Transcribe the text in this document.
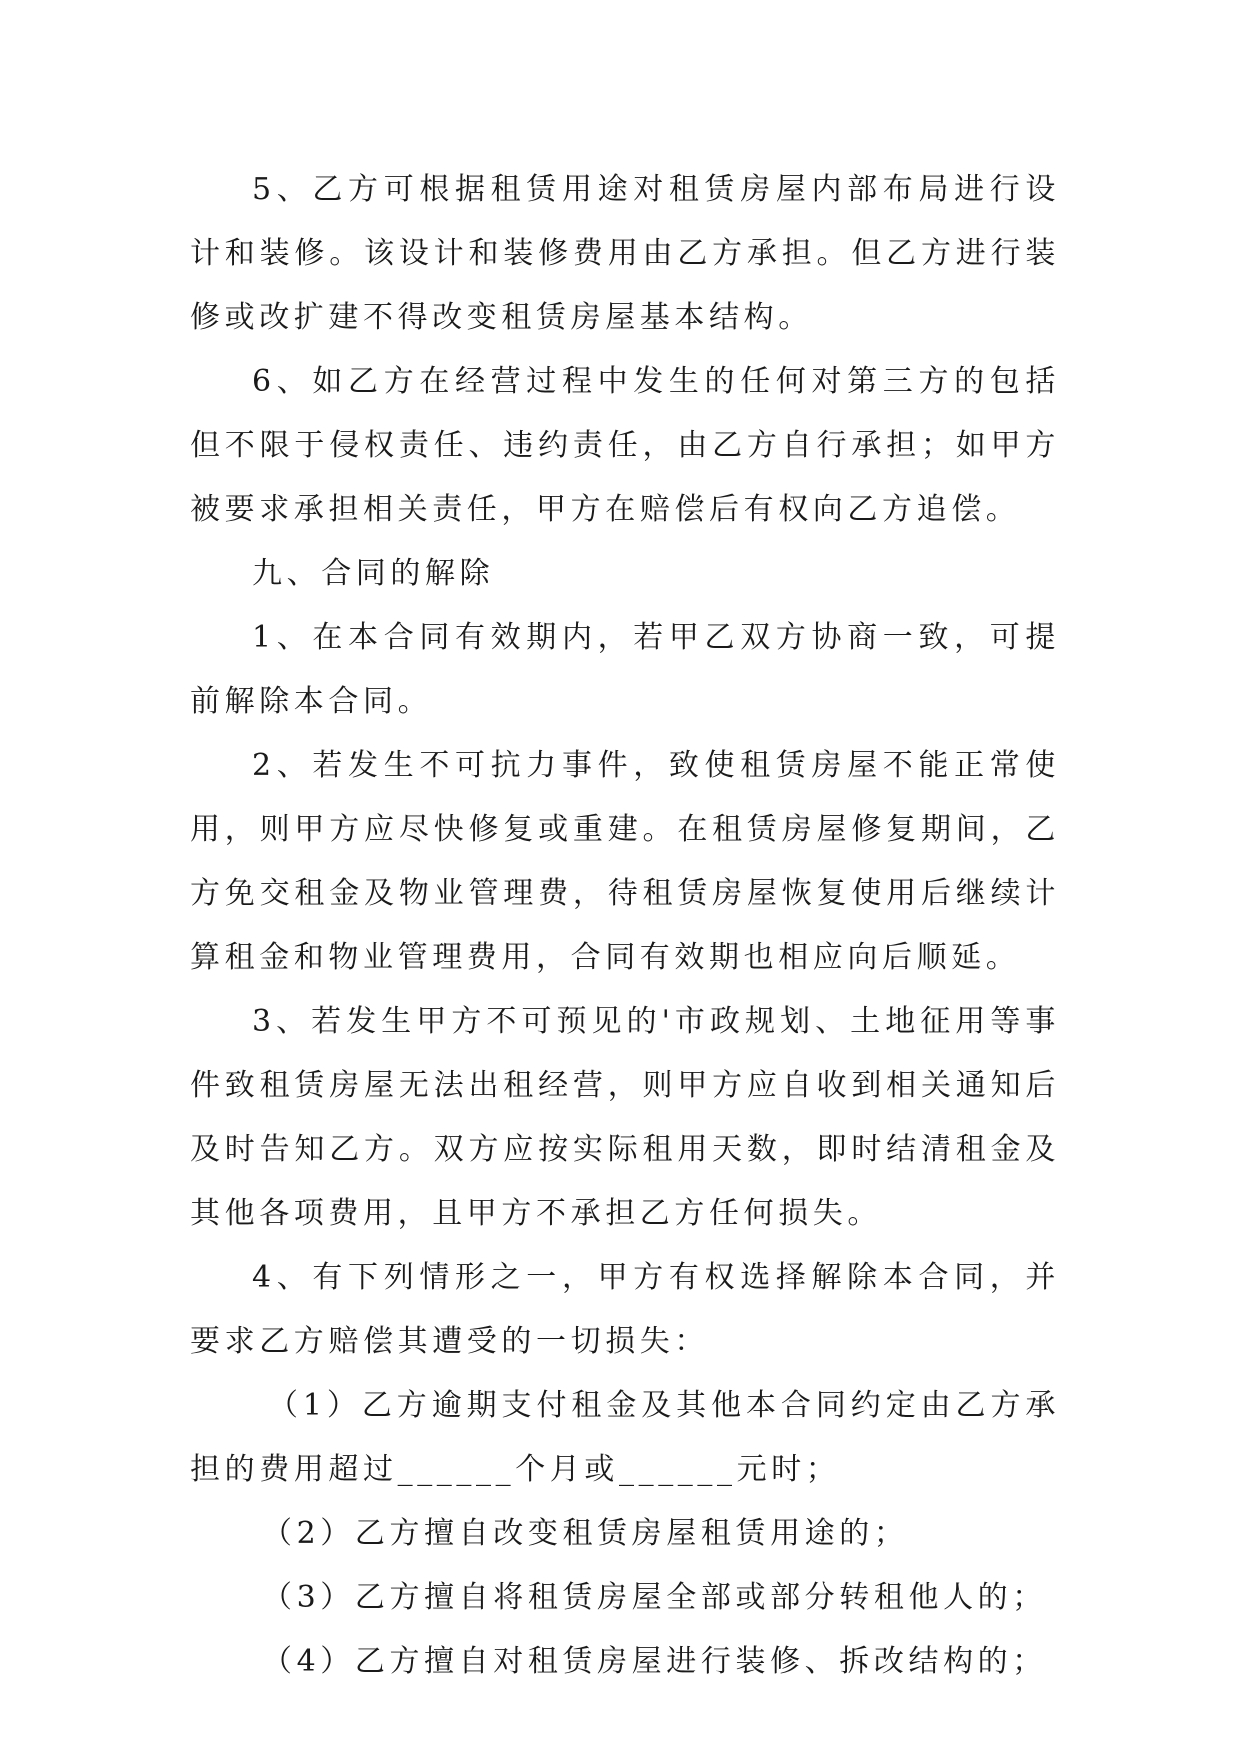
5、乙方可根据租赁用途对租赁房屋内部布局进行设计和装修。该设计和装修费用由乙方承担。但乙方进行装修或改扩建不得改变租赁房屋基本结构。

6、如乙方在经营过程中发生的任何对第三方的包括但不限于侵权责任、违约责任，由乙方自行承担；如甲方被要求承担相关责任，甲方在赔偿后有权向乙方追偿。

九、合同的解除

1、在本合同有效期内，若甲乙双方协商一致，可提前解除本合同。

2、若发生不可抗力事件，致使租赁房屋不能正常使用，则甲方应尽快修复或重建。在租赁房屋修复期间，乙方免交租金及物业管理费，待租赁房屋恢复使用后继续计算租金和物业管理费用，合同有效期也相应向后顺延。

3、若发生甲方不可预见的'市政规划、土地征用等事件致租赁房屋无法出租经营，则甲方应自收到相关通知后及时告知乙方。双方应按实际租用天数，即时结清租金及其他各项费用，且甲方不承担乙方任何损失。

4、有下列情形之一，甲方有权选择解除本合同，并要求乙方赔偿其遭受的一切损失：

（1）乙方逾期支付租金及其他本合同约定由乙方承担的费用超过______个月或______元时；

（2）乙方擅自改变租赁房屋租赁用途的；

（3）乙方擅自将租赁房屋全部或部分转租他人的；

（4）乙方擅自对租赁房屋进行装修、拆改结构的；
